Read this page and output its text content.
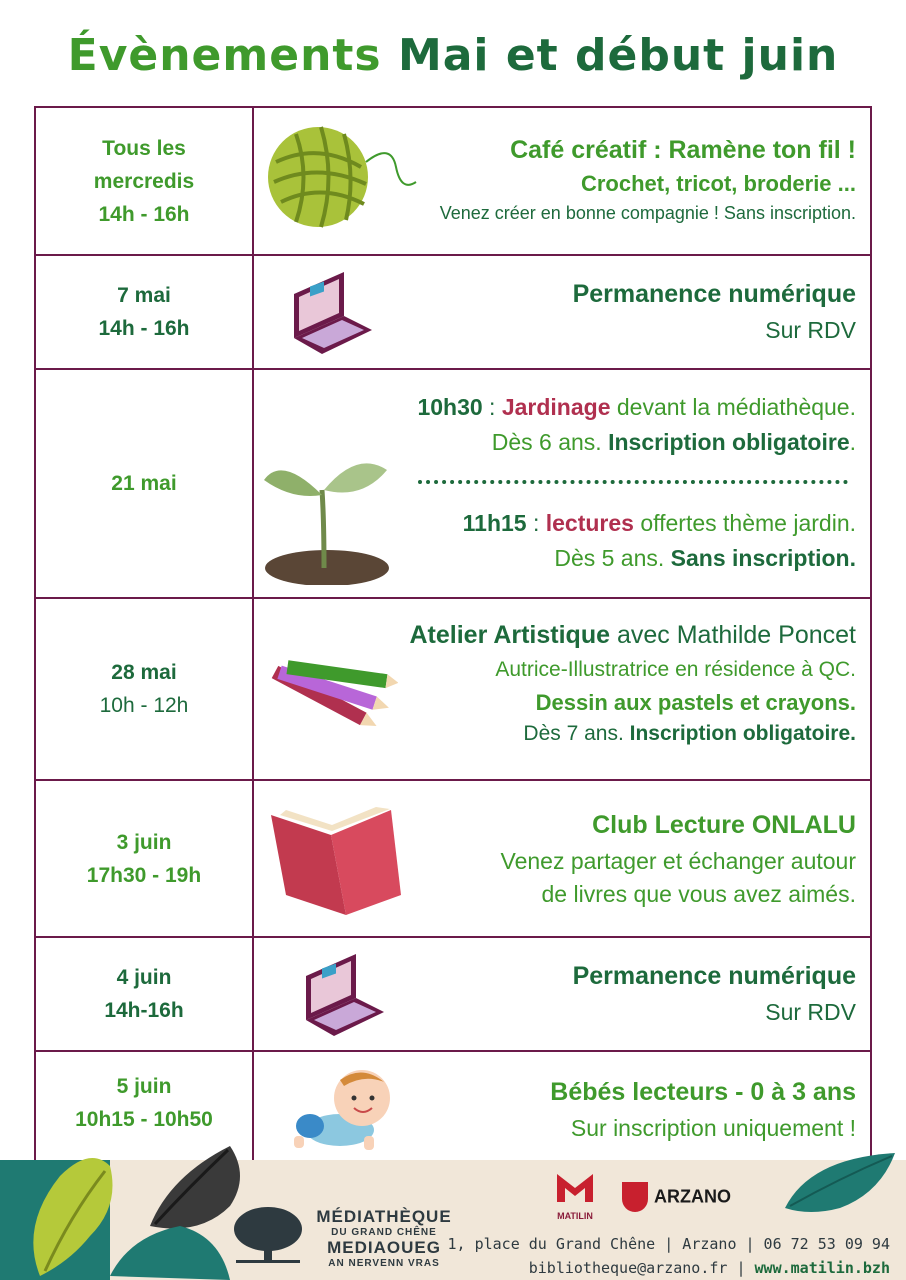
Évènements Mai et début juin
Tous les
mercredis
14h - 16h
Café créatif : Ramène ton fil !
Crochet, tricot, broderie ...
Venez créer en bonne compagnie ! Sans inscription.
7 mai
14h - 16h
Permanence numérique
Sur RDV
21 mai
10h30 : Jardinage devant la médiathèque.
Dès 6 ans. Inscription obligatoire.
11h15 : lectures offertes thème jardin.
Dès 5 ans. Sans inscription.
28 mai
10h - 12h
Atelier Artistique avec Mathilde Poncet
Autrice-Illustratrice en résidence à QC.
Dessin aux pastels et crayons.
Dès 7 ans. Inscription obligatoire.
3 juin
17h30 - 19h
Club Lecture ONLALU
Venez partager et échanger autour
de livres que vous avez aimés.
4 juin
14h-16h
Permanence numérique
Sur RDV
5 juin
10h15 - 10h50
Bébés lecteurs - 0 à 3 ans
Sur inscription uniquement !
MÉDIATHÈQUE
DU GRAND CHÊNE
MEDIAOUEG
AN NERVENN VRAS
MATILIN
ARZANO
1, place du Grand Chêne | Arzano | 06 72 53 09 94
bibliotheque@arzano.fr | www.matilin.bzh
